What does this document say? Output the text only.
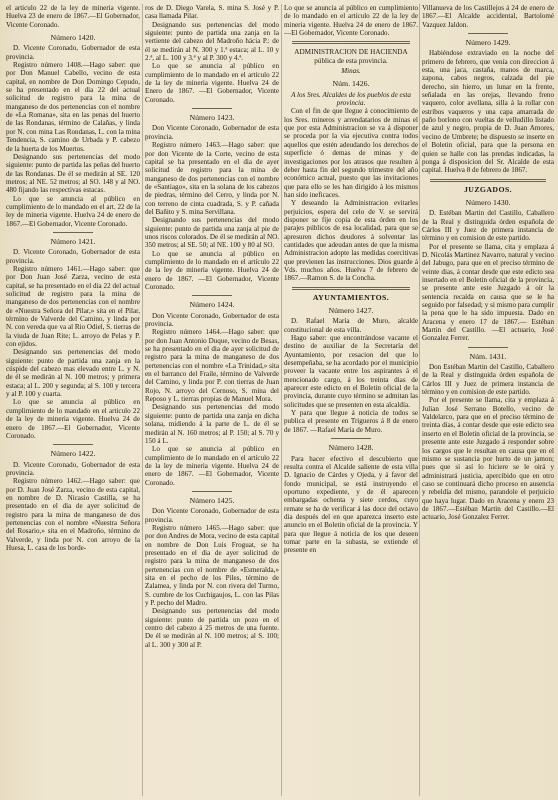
el articulo 22 de la ley de mineria vigente. Huelva 23 de enero de 1867.—El Gobernador, Vicente Coronado.

Número 1420.

D. Vicente Coronado, Gobernador de esta provincia.

Registro número 1408.—Hago saber: que por Don Manuel Cabello, vecino de esta capital, en nombre de Don Domingo Cepudo, se ha presentado en el dia 22 del actual solicitud de registro para la mina de manganeso de dos pertenencias con el nombre de «La Romana», sita en las penas del huerto de las Rondanas, término de Calañas, y linda por N. con mina Las Rondanas, L. con la mina Tendencia, S. camino de Urbada y P. cabezo de la huerta de los Muertos.

Designando sus pertenencias del modo siguiente: punto de partida las peñas del huerto de las Rondanas. De él se medirán al SE. 120 metros; al NE. 52 metros; al SO. 148 y al NO. 480 fijando las respectivas estacas.

Lo que se anuncia al público en cumplimiento de lo mandado en el art. 22 de la ley de mineria vigente. Huelva 24 de enero de 1867.—El Gobernador, Vicente Coronado.

Número 1421.

D. Vicente Coronado, Gobernador de esta provincia.

Registro número 1461.—Hago saber: que por Don Juan José Zarza, vecino de esta capital, se ha presentado en el dia 22 del actual solicitud de registro para la mina de manganeso de dos pertenencias con el nombre de «Nuestra Señora del Pilar,» sita en el Pilar, término de Valverde del Camino, y linda por N. con vereda que va al Rio Odiel, S. tierras de la viuda de Juan Rite; L. arroyo de Pelas y P. con ejidos.

Designando sus pertenencias del modo siguiente: punto de partida una zanja en la cúspide del cabezo mas elevado entre L. y N. de él se medirán al N. 100 metros; y primera estaca; al L. 200 y segunda; al S. 100 y tercera y al P. 100 y cuarta.

Lo que se anuncia al público en cumplimiento de lo mandado en el articulo 22 de la ley de mineria vigente. Huelva 24 de enero de 1867.—El Gobernador, Vicente Coronado.

Número 1422.

D. Vicente Coronado, Gobernador de esta provincia.

Registro número 1462.—Hago saber: que por D. Juan José Zarza, vecino de esta capital, en nombre de D. Nicasio Castilla, se ha presentado en el dia de ayer solicitud de registro para la mina de manganeso de dos pertenencias con el nombre «Nuestra Señora del Rosario,» sita en el Madroño, término de Valverde, y linda por N. con arroyo de la Huesa, L. casa de los borde-

ros de D. Diego Varela, S. mina S. José y P. casa llamada Pilar.

Designando sus pertenencias del modo siguiente: punto de partida una zanja en la vertiente del cabezo del Madroño hácia P.: de él se medirán al N. 300 y 1.ª estaca; al L. 10 y 2.ª, al L. 100 y 3.ª y al P. 300 y 4.ª.

Lo que se anuncia al público en cumplimiento de lo mandado en el artículo 22 de la ley de mineria vigente. Huelva 24 de Enero de 1867. —El Gobernador, Vicente Coronado.

Número 1423.

Don Vicente Coronado, Gobernador de esta provincia.

Registro número 1463.—Hago saber: que por don Vicente de la Corte, vecino de esta capital se ha presentado en el dia de ayer solicitud de registro para la mina de manganeso de dos pertenencias con el nombre de «Santiago», sita en la solana de los cabezos de piedras, término del Cerro, y linda por N. con terreno de cinta cuadrada, S. y P. cañada del Bañito y S. mina Servillana.

Designando sus pertenencias del modo siguiente: punto de partida una zanja al pie de unos riscos colorados. De él se medirán al NO. 350 metros; al SE. 50; al NE. 100 y 80 al SO.

Lo que se anuncia al público en cumplimiento de lo mandado en el artículo 22 de la ley de mineria vigente. Huelva 24 de enero de 1867. —El Gobernador, Vicente Coronado.

Número 1424.

Don Vicente Coronado, Gobernador de esta provincia.

Registro número 1464.—Hago saber: que por don Juan Antonio Duque, vecino de Besas, se ha presentado en el dia de ayer solicitud de registro para la mina de manganeso de dos pertenencias con el nombre «La Trinidad,» sita en el barranco del Fraile, término de Valverde del Camino, y linda por P. con tierras de Juan Rojo, N. arroyo del Cernoso, S. mina del Reposo y L. tierras propias de Manuel Mora.

Designando sus pertenencias del modo siguiente: punto de partida una zanja en dicha solana, midiendo á la parte de L. de él se medirán al N. 160 metros; al P. 150; al S. 70 y 150 á L.

Lo que se anuncia al público en cumplimiento de lo mandado en el artículo 22 de la ley de mineria vigente. Huelva 24 de enero de 1867. —El Gobernador, Vicente Coronado.

Número 1425.

Don Vicente Coronado, Gobernador de esta provincia.

Registro número 1465.—Hago saber: que por don Andres de Mora, vecino de esta capital en nombre de Don Luis Froguat, se ha presentado en el dia de ayer solicitud de registro para la mina de manganeso de dos pertenencias con el nombre de «Esmeralda,» sita en el pecho de los Piles, término de Zalamea, y linda por N. con rivera del Turmo, S. cumbre de los Cuchigaujos, L. con las Pilas y P. pecho del Madro.

Designando sus pertenencias del modo siguiente: punto de partida un pozo en el centro del cabezo á 25 metros de una fuente. De él se medirán al N. 100 metros; al S. 100; al L. 300 y 300 al P.

Lo que se anuncia al público en cumplimiento de lo mandado en el artículo 22 de la ley de mineria vigente. Huelva 24 de enero de 1867. —El Gobernador, Vicente Coronado.

ADMINISTRACION DE HACIENDA pública de esta provincia.
Minas.
Núm. 1426.

A los Sres. Alcaldes de los pueblos de esta provincia.

Con el fin de que llegue á conocimiento de los Sres. mineros y arrendatarios de minas el que por esta Administracion se va á disponer se proceda por la via ejecutiva contra todos aquellos que estén adeudando los derechos de superficie ó demas de minas y de investigaciones por los atrasos que resulten á deber hasta fin del segundo trimestre del año económico actual, puesto que las invitaciones que para ello se les han dirigido á los mismos han sido ineficaces.

Y deseando la Administracion evitarles perjuicios, espera del celo de V. se servirá disponer se fije copia de esta órden en los parajes públicos de esa localidad, para que se apresuren dichos deudores á solventar las cantidades que adeudan antes de que la misma Administracion adopte las medidas coercitivas que previenen las instrucciones. Dios guarde á Vds. muchos años. Huelva 7 de febrero de 1867.—Ramon S. de la Concha.

AYUNTAMIENTOS.
Número 1427.

D. Rafael María de Muro, alcalde constitucional de esta villa.

Hago saber: que encontrándose vacante el destino de auxiliar de la Secretaría del Ayuntamiento, por cesacion del que lo desempeñaba, se ha acordado por el municipio proveer la vacante entre los aspirantes á el mencionado cargo, á los treinta dias de aparecer este edicto en el Boletin oficial de la provincia, durante cuyo término se admitan las solicitudes que se presenten en esta alcaldía.

Y para que llegue á noticia de todos se publica el presente en Trigueros á 8 de enero de 1867. —Rafael María de Muro.

Número 1428.

Para hacer efectivo el descubierto que resulta contra el Alcalde saliente de esta villa D. Ignacio de Cárdes y Ojeda, y á favor del fondo municipal, se está instruyendo el oportuno expediente, y de él aparecen embargadas ochenta y siete cerdos, cuyo remate se ha de verificar á las doce del octavo dia después del en que aparezca inserto este anuncio en el Boletin oficial de la provincia. Y para que llegue á noticia de los que deseen tomar parte en la subasta, se extiende el presente en

Villanueva de los Castillejos á 24 de enero de 1867.—El Alcalde accidental, Bartolomé Vazquez Jaldon.

Número 1429.

Habiéndose extraviado en la noche del primero de febrero, que venía con direccion á esta, una jaca, castaña, manos de marca, zapona, cabos negros, calzada del pie derecho, sin hierro, un lunar en la frente, señalada en las orejas, llevando freno vaquero, color avellana, silla á la rollar con estribos vaqueros y una capa amarrada de paño borlono con vueltas de velludillo listado de azul y negro, propia de D. Juan Amores, vecino de Umbrete; he dispuesto se inserte en el Boletin oficial, para que la persona en quien se halle con las prendas indicadas, la ponga á disposicion del Sr. Alcalde de esta capital. Huelva 8 de febrero de 1867.

JUZGADOS.
Número 1430.

D. Estéban Martin del Castillo, Caballero de la Real y distinguida órden española de Cárlos III y Juez de primera instancia de término y en comision de este partido.

Por el presente se llama, cita y emplaza á D. Nicolás Martinez Navarro, natural y vecino del Jabugo, para que en el preciso término de veinte dias, á contar desde que este edicto sea insertado en el Boletin oficial de la provincia, se presente ante este Juzgado á oír la sentencia recaída en causa que se le ha seguido por falsedad; y si mismo para cumplir la pena que le ha sido impuesta. Dado en Aracena y enero 17 de 1867.— Estéban Martin del Castillo. —El actuario, José Gonzalez Ferrer.

Núm. 1431.

Don Estéban Martin del Castillo, Caballero de la Real y distinguida órden española de Cárlos III y Juez de primera instancia de término y en comision de este partido.

Por el presente se llama, cita y emplaza á Julian José Serrano Botello, vecino de Valdelarco, para que en el preciso término de treinta dias, á contar desde que este edicto sea inserto en el Boletin oficial de la provincia, se presente ante este Juzgado á responder sobre los cargos que le resultan en causa que en el mismo se sustancia por hurto de un jamon; pues que si así lo hiciere se le oirá y administrará justicia, apercibido que en otro caso se continuará dicho proceso en ausencia y rebeldía del mismo, parandole el perjuicio que haya lugar. Dado en Aracena y enero 23 de 1867.—Estéban Martin del Castillo.—El actuario, José Gonzalez Ferrer.
